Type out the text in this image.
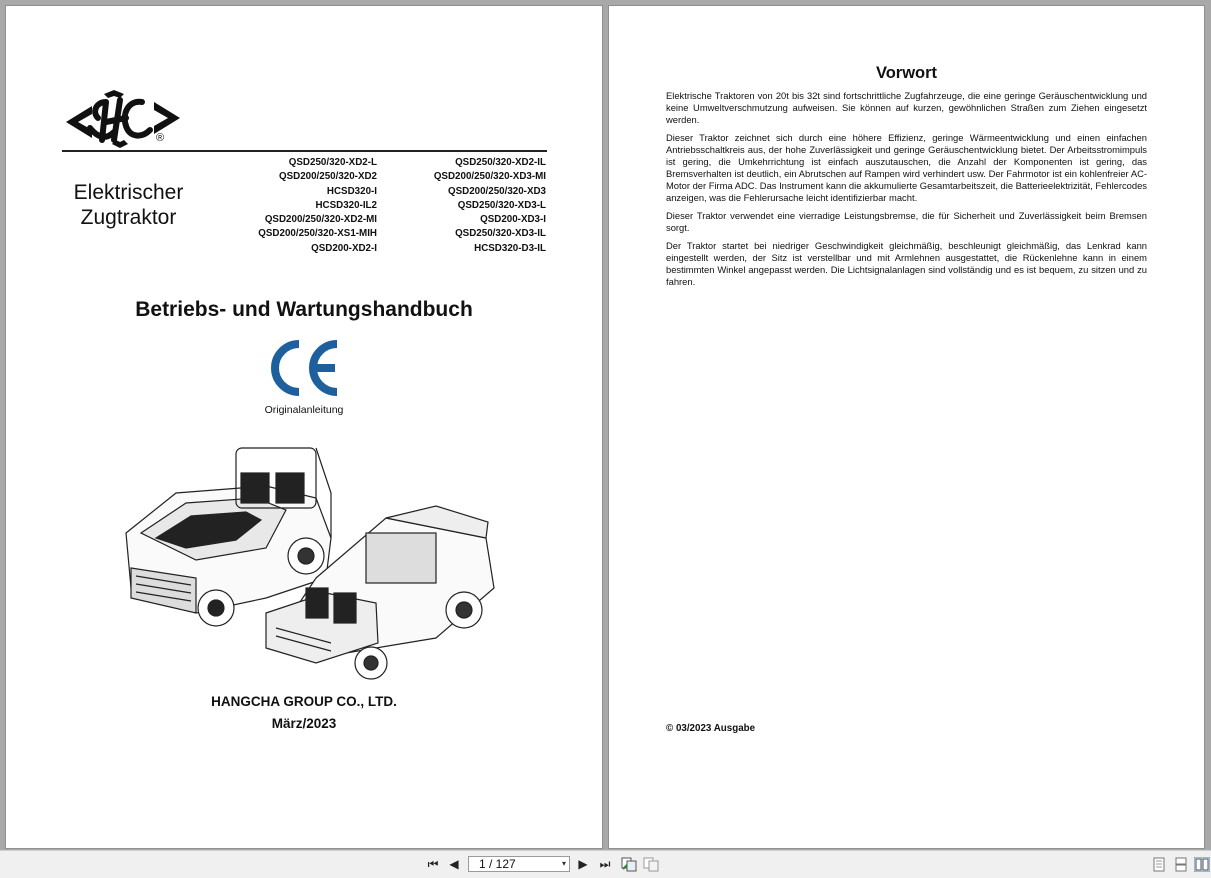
®
Elektrischer
Zugtraktor
QSD250/320-XD2-L
QSD200/250/320-XD2
HCSD320-I
HCSD320-IL2
QSD200/250/320-XD2-MI
QSD200/250/320-XS1-MIH
QSD200-XD2-I
QSD250/320-XD2-IL
QSD200/250/320-XD3-MI
QSD200/250/320-XD3
QSD250/320-XD3-L
QSD200-XD3-I
QSD250/320-XD3-IL
HCSD320-D3-IL
Betriebs- und Wartungshandbuch
Originalanleitung
HANGCHA GROUP CO., LTD.
März/2023
Vorwort

Elektrische Traktoren von 20t bis 32t sind fortschrittliche Zugfahrzeuge, die eine geringe Geräuschentwicklung und keine Umweltverschmutzung aufweisen. Sie können auf kurzen, gewöhnlichen Straßen zum Ziehen eingesetzt werden.

Dieser Traktor zeichnet sich durch eine höhere Effizienz, geringe Wärmeentwicklung und einen einfachen Antriebsschaltkreis aus, der hohe Zuverlässigkeit und geringe Geräuschentwicklung bietet. Der Arbeitsstromimpuls ist gering, die Umkehrrichtung ist einfach auszutauschen, die Anzahl der Komponenten ist gering, das Bremsverhalten ist deutlich, ein Abrutschen auf Rampen wird verhindert usw. Der Fahrmotor ist ein kohlenfreier AC-Motor der Firma ADC. Das Instrument kann die akkumulierte Gesamtarbeitszeit, die Batterieelektrizität, Fehlercodes anzeigen, was die Fehlerursache leicht identifizierbar macht.

Dieser Traktor verwendet eine vierradige Leistungsbremse, die für Sicherheit und Zuverlässigkeit beim Bremsen sorgt.

Der Traktor startet bei niedriger Geschwindigkeit gleichmäßig, beschleunigt gleichmäßig, das Lenkrad kann eingestellt werden, der Sitz ist verstellbar und mit Armlehnen ausgestattet, die Rückenlehne kann in einem bestimmten Winkel angepasst werden. Die Lichtsignalanlagen sind vollständig und es ist bequem, zu sitzen und zu fahren.

© 03/2023 Ausgabe
⏮ ◀ 1 / 127	▾ ▶ ⏭
